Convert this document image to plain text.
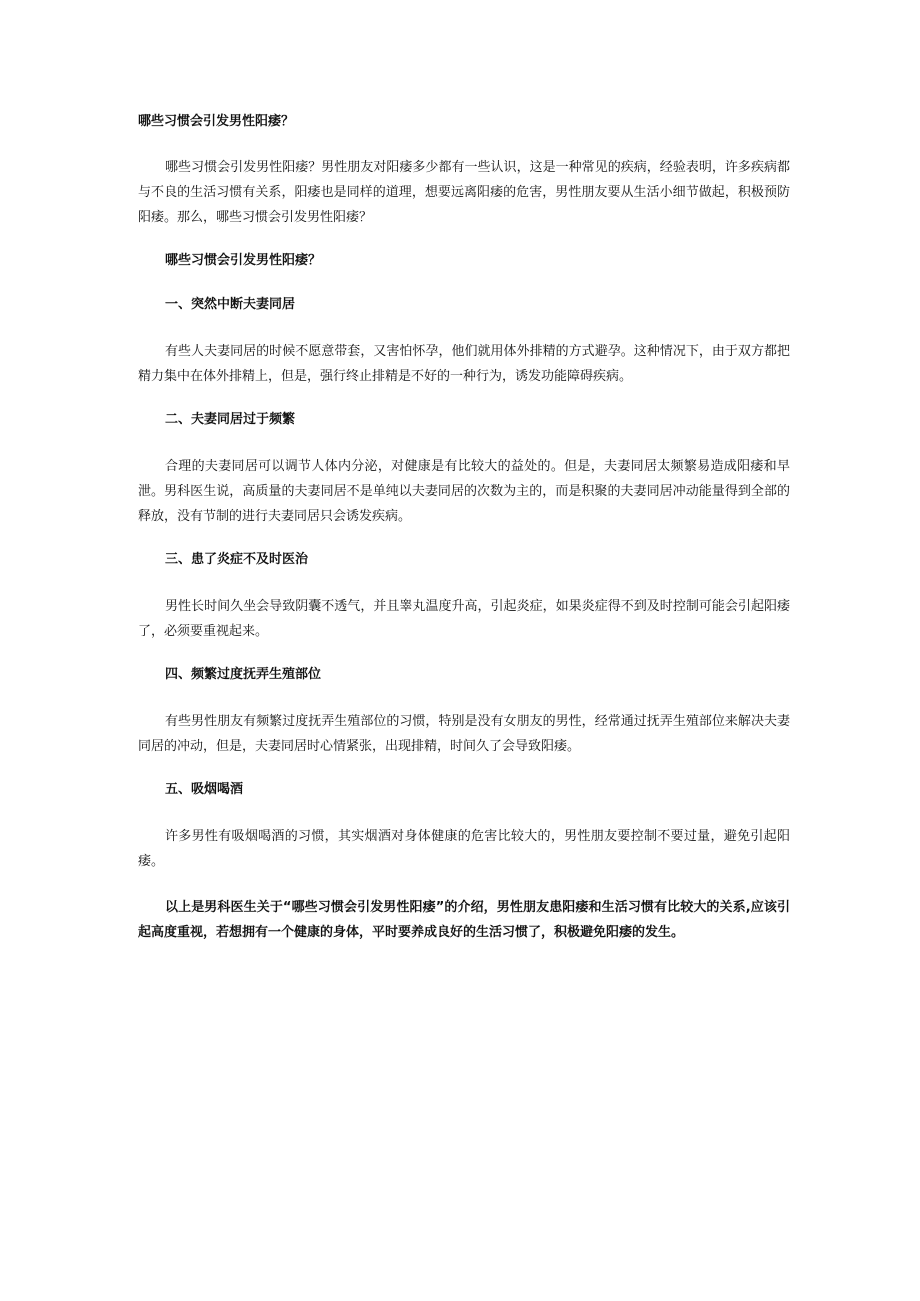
哪些习惯会引发男性阳痿？

哪些习惯会引发男性阳痿？男性朋友对阳痿多少都有一些认识，这是一种常见的疾病，经验表明，许多疾病都与不良的生活习惯有关系，阳痿也是同样的道理，想要远离阳痿的危害，男性朋友要从生活小细节做起，积极预防阳痿。那么，哪些习惯会引发男性阳痿？

哪些习惯会引发男性阳痿？
一、突然中断夫妻同居

有些人夫妻同居的时候不愿意带套，又害怕怀孕，他们就用体外排精的方式避孕。这种情况下，由于双方都把精力集中在体外排精上，但是，强行终止排精是不好的一种行为，诱发功能障碍疾病。

二、夫妻同居过于频繁

合理的夫妻同居可以调节人体内分泌，对健康是有比较大的益处的。但是，夫妻同居太频繁易造成阳痿和早泄。男科医生说，高质量的夫妻同居不是单纯以夫妻同居的次数为主的，而是积聚的夫妻同居冲动能量得到全部的释放，没有节制的进行夫妻同居只会诱发疾病。

三、患了炎症不及时医治

男性长时间久坐会导致阴囊不透气，并且睾丸温度升高，引起炎症，如果炎症得不到及时控制可能会引起阳痿了，必须要重视起来。

四、频繁过度抚弄生殖部位

有些男性朋友有频繁过度抚弄生殖部位的习惯，特别是没有女朋友的男性，经常通过抚弄生殖部位来解决夫妻同居的冲动，但是，夫妻同居时心情紧张，出现排精，时间久了会导致阳痿。

五、吸烟喝酒

许多男性有吸烟喝酒的习惯，其实烟酒对身体健康的危害比较大的，男性朋友要控制不要过量，避免引起阳痿。

以上是男科医生关于“哪些习惯会引发男性阳痿”的介绍，男性朋友患阳痿和生活习惯有比较大的关系,应该引起高度重视，若想拥有一个健康的身体，平时要养成良好的生活习惯了，积极避免阳痿的发生。
